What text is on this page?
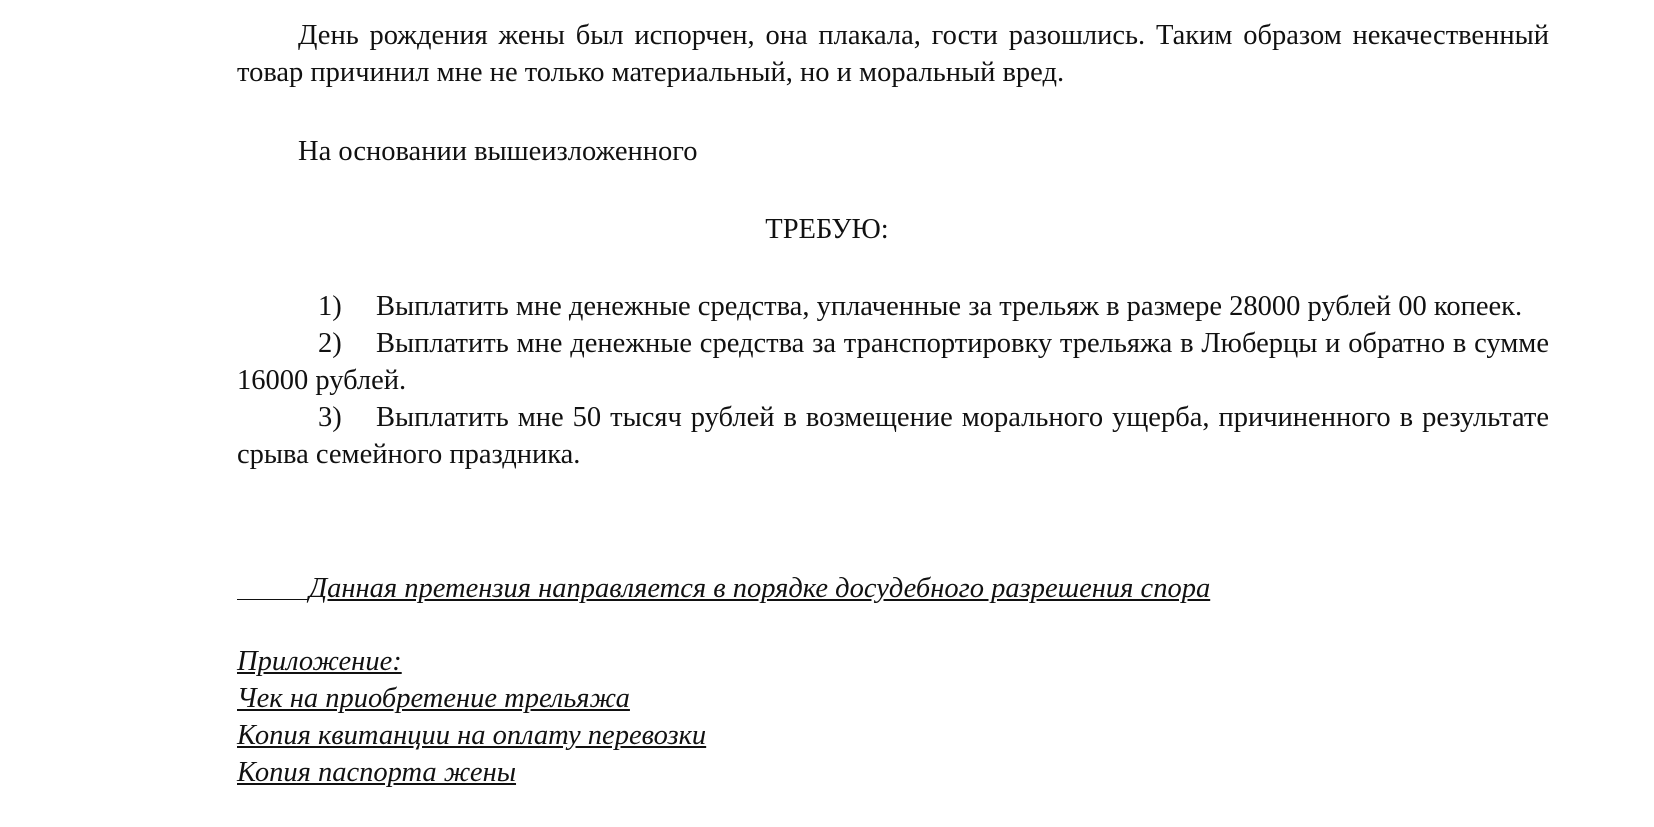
День рождения жены был испорчен, она плакала, гости разошлись. Таким образом некачественный товар причинил мне не только материальный, но и моральный вред.

На основании вышеизложенного

ТРЕБУЮ:

1) Выплатить мне денежные средства, уплаченные за трельяж в размере 28000 рублей 00 копеек.

2) Выплатить мне денежные средства за транспортировку трельяжа в Люберцы и обратно в сумме 16000 рублей.

3) Выплатить мне 50 тысяч рублей в возмещение морального ущерба, причиненного в результате срыва семейного праздника.

Данная претензия направляется в порядке досудебного разрешения спора
Приложение:
Чек на приобретение трельяжа
Копия квитанции на оплату перевозки
Копия паспорта жены
